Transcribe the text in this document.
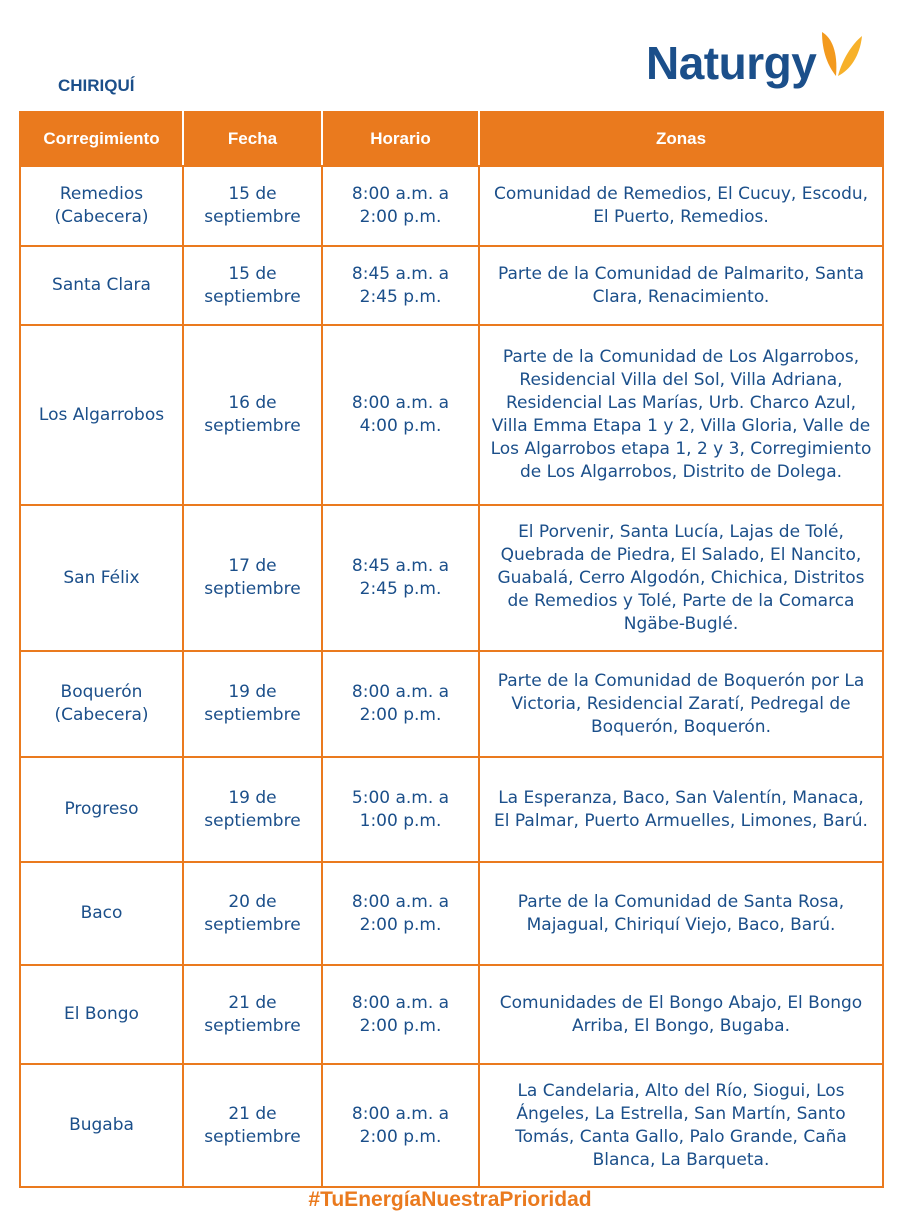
CHIRIQUÍ	Naturgy
Corregimiento	Fecha	Horario	Zonas
Remedios (Cabecera)	15 de septiembre	8:00 a.m. a 2:00 p.m.	Comunidad de Remedios, El Cucuy, Escodu, El Puerto, Remedios.
Santa Clara	15 de septiembre	8:45 a.m. a 2:45 p.m.	Parte de la Comunidad de Palmarito, Santa Clara, Renacimiento.
Los Algarrobos	16 de septiembre	8:00 a.m. a 4:00 p.m.	Parte de la Comunidad de Los Algarrobos, Residencial Villa del Sol, Villa Adriana, Residencial Las Marías, Urb. Charco Azul, Villa Emma Etapa 1 y 2, Villa Gloria, Valle de Los Algarrobos etapa 1, 2 y 3, Corregimiento de Los Algarrobos, Distrito de Dolega.
San Félix	17 de septiembre	8:45 a.m. a 2:45 p.m.	El Porvenir, Santa Lucía, Lajas de Tolé, Quebrada de Piedra, El Salado, El Nancito, Guabalá, Cerro Algodón, Chichica, Distritos de Remedios y Tolé, Parte de la Comarca Ngäbe-Buglé.
Boquerón (Cabecera)	19 de septiembre	8:00 a.m. a 2:00 p.m.	Parte de la Comunidad de Boquerón por La Victoria, Residencial Zaratí, Pedregal de Boquerón, Boquerón.
Progreso	19 de septiembre	5:00 a.m. a 1:00 p.m.	La Esperanza, Baco, San Valentín, Manaca, El Palmar, Puerto Armuelles, Limones, Barú.
Baco	20 de septiembre	8:00 a.m. a 2:00 p.m.	Parte de la Comunidad de Santa Rosa, Majagual, Chiriquí Viejo, Baco, Barú.
El Bongo	21 de septiembre	8:00 a.m. a 2:00 p.m.	Comunidades de El Bongo Abajo, El Bongo Arriba, El Bongo, Bugaba.
Bugaba	21 de septiembre	8:00 a.m. a 2:00 p.m.	La Candelaria, Alto del Río, Siogui, Los Ángeles, La Estrella, San Martín, Santo Tomás, Canta Gallo, Palo Grande, Caña Blanca, La Barqueta.
#TuEnergíaNuestraPrioridad
